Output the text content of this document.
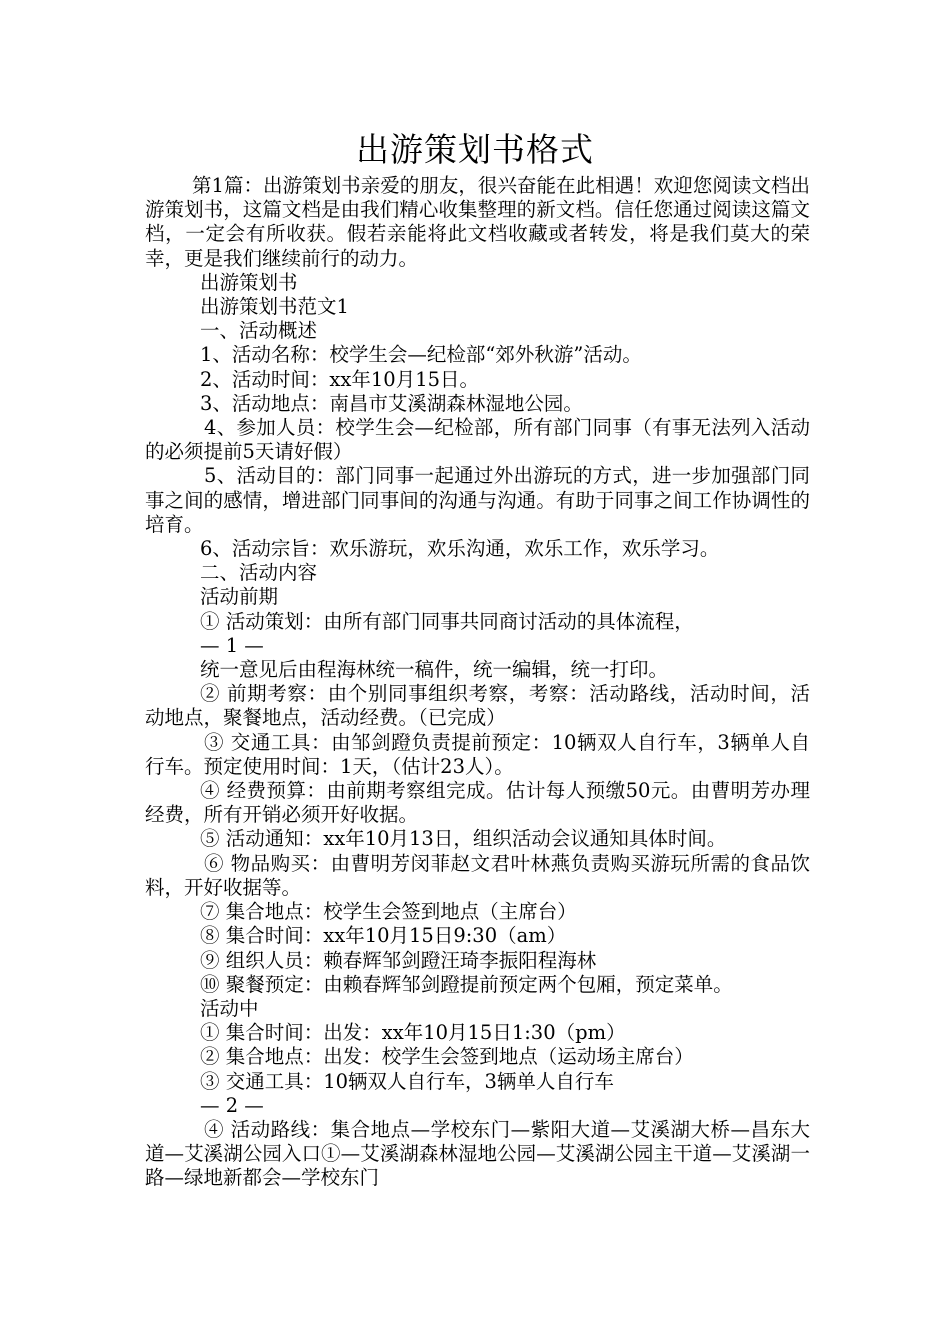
出游策划书格式

第1篇：出游策划书亲爱的朋友，很兴奋能在此相遇！欢迎您阅读文档出游策划书，这篇文档是由我们精心收集整理的新文档。信任您通过阅读这篇文档，一定会有所收获。假若亲能将此文档收藏或者转发，将是我们莫大的荣幸，更是我们继续前行的动力。

出游策划书

出游策划书范文1

一、活动概述

1、活动名称：校学生会—纪检部“郊外秋游”活动。

2、活动时间：xx年10月15日。

3、活动地点：南昌市艾溪湖森林湿地公园。

4、参加人员：校学生会—纪检部，所有部门同事（有事无法列入活动的必须提前5天请好假）

5、活动目的：部门同事一起通过外出游玩的方式，进一步加强部门同事之间的感情，增进部门同事间的沟通与沟通。有助于同事之间工作协调性的培育。

6、活动宗旨：欢乐游玩，欢乐沟通，欢乐工作，欢乐学习。

二、活动内容

活动前期

① 活动策划：由所有部门同事共同商讨活动的具体流程，

— 1 —

统一意见后由程海林统一稿件，统一编辑，统一打印。

② 前期考察：由个别同事组织考察，考察：活动路线，活动时间，活动地点，聚餐地点，活动经费。（已完成）

③ 交通工具：由邹剑蹬负责提前预定：10辆双人自行车，3辆单人自行车。预定使用时间：1天，（估计23人）。

④ 经费预算：由前期考察组完成。估计每人预缴50元。由曹明芳办理经费，所有开销必须开好收据。

⑤ 活动通知：xx年10月13日，组织活动会议通知具体时间。

⑥ 物品购买：由曹明芳闵菲赵文君叶林燕负责购买游玩所需的食品饮料，开好收据等。

⑦ 集合地点：校学生会签到地点（主席台）

⑧ 集合时间：xx年10月15日9:30（am）

⑨ 组织人员：赖春辉邹剑蹬汪琦李振阳程海林

⑩ 聚餐预定：由赖春辉邹剑蹬提前预定两个包厢，预定菜单。

活动中

① 集合时间：出发：xx年10月15日1:30（pm）

② 集合地点：出发：校学生会签到地点（运动场主席台）

③ 交通工具：10辆双人自行车，3辆单人自行车

— 2 —

④ 活动路线：集合地点—学校东门—紫阳大道—艾溪湖大桥—昌东大道—艾溪湖公园入口①—艾溪湖森林湿地公园—艾溪湖公园主干道—艾溪湖一路—绿地新都会—学校东门
